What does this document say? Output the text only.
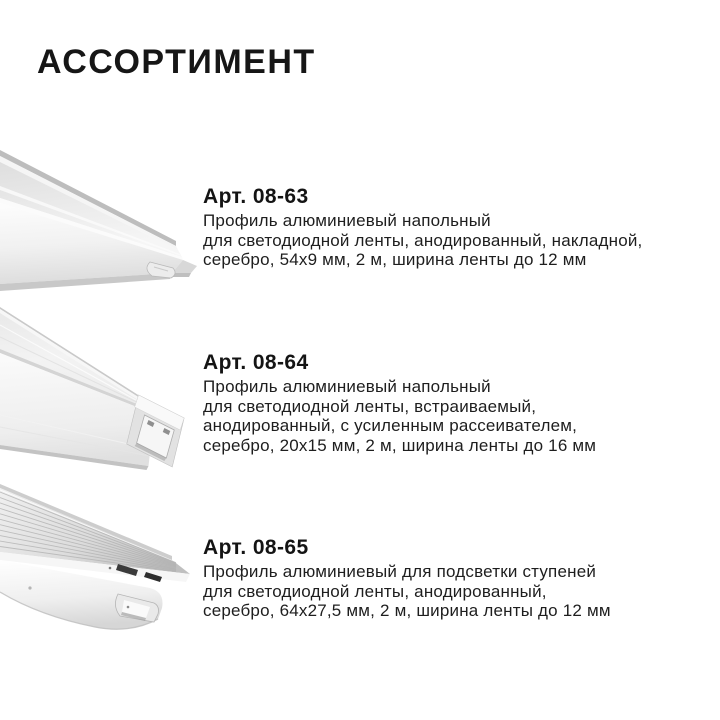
АССОРТИМЕНТ
Арт. 08-63
Профиль алюминиевый напольный
для светодиодной ленты, анодированный, накладной,
серебро, 54x9 мм, 2 м, ширина ленты до 12 мм
Арт. 08-64
Профиль алюминиевый напольный
для светодиодной ленты, встраиваемый,
анодированный, с усиленным рассеивателем,
серебро, 20x15 мм, 2 м, ширина ленты до 16 мм
Арт. 08-65
Профиль алюминиевый для подсветки ступеней
для светодиодной ленты, анодированный,
серебро, 64x27,5 мм, 2 м, ширина ленты до 12 мм
